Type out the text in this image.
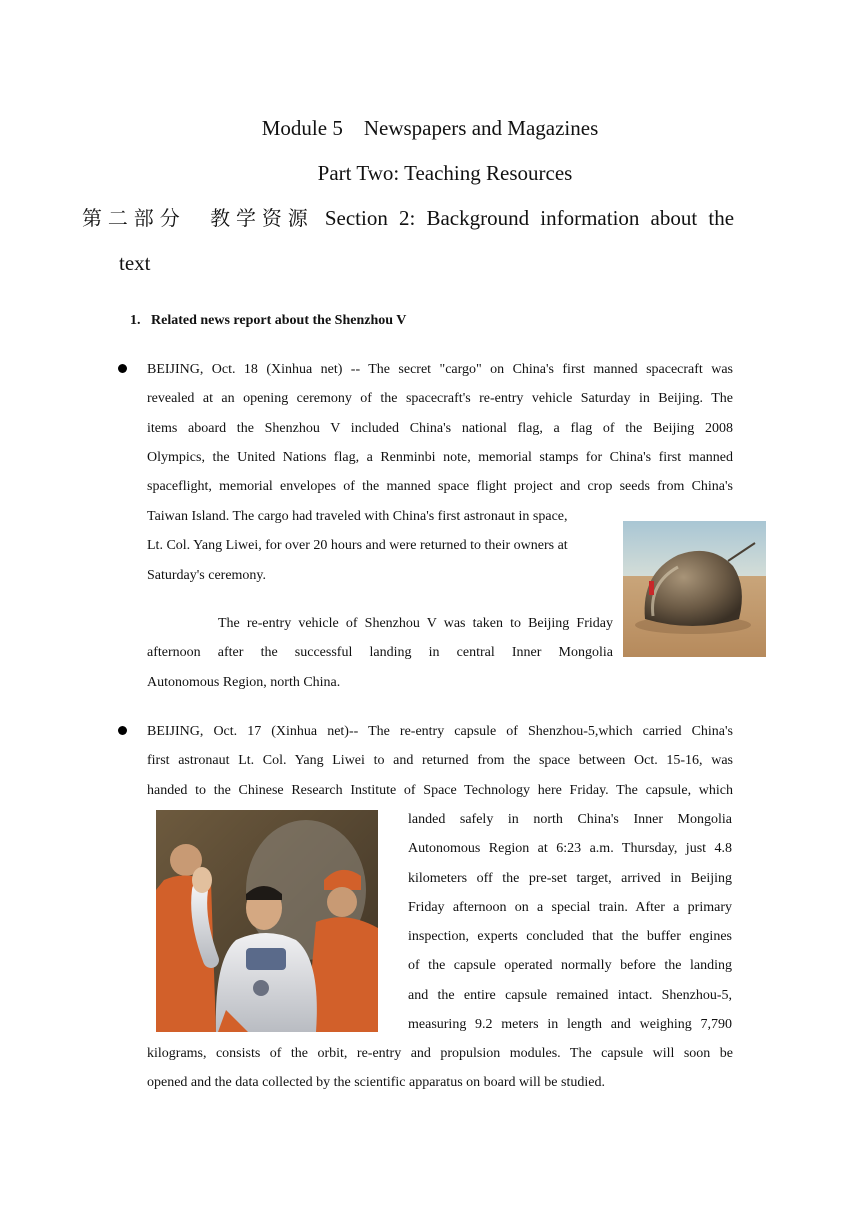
Module 5    Newspapers and Magazines
Part Two: Teaching Resources
第二部分  教学资源 Section 2: Background information about the
text
1.   Related news report about the Shenzhou V
BEIJING, Oct. 18 (Xinhua net) -- The secret "cargo" on China's first manned spacecraft was
revealed at an opening ceremony of the spacecraft's re-entry vehicle Saturday in Beijing. The
items aboard the Shenzhou V included China's national flag, a flag of the Beijing 2008
Olympics, the United Nations flag, a Renminbi note, memorial stamps for China's first manned
spaceflight, memorial envelopes of the manned space flight project and crop seeds from China's
Taiwan Island. The cargo had traveled with China's first astronaut in space,
Lt. Col. Yang Liwei, for over 20 hours and were returned to their owners at
Saturday's ceremony.
The re-entry vehicle of Shenzhou V was taken to Beijing Friday
afternoon after the successful landing in central Inner Mongolia
Autonomous Region, north China.
BEIJING, Oct. 17 (Xinhua net)-- The re-entry capsule of Shenzhou-5,which carried China's
first astronaut Lt. Col. Yang Liwei to and returned from the space between Oct. 15-16, was
handed to the Chinese Research Institute of Space Technology here Friday. The capsule, which
landed safely in north China's Inner Mongolia
Autonomous Region at 6:23 a.m. Thursday, just 4.8
kilometers off the pre-set target, arrived in Beijing
Friday afternoon on a special train. After a primary
inspection, experts concluded that the buffer engines
of the capsule operated normally before the landing
and the entire capsule remained intact. Shenzhou-5,
measuring 9.2 meters in length and weighing 7,790
kilograms, consists of the orbit, re-entry and propulsion modules. The capsule will soon be
opened and the data collected by the scientific apparatus on board will be studied.
